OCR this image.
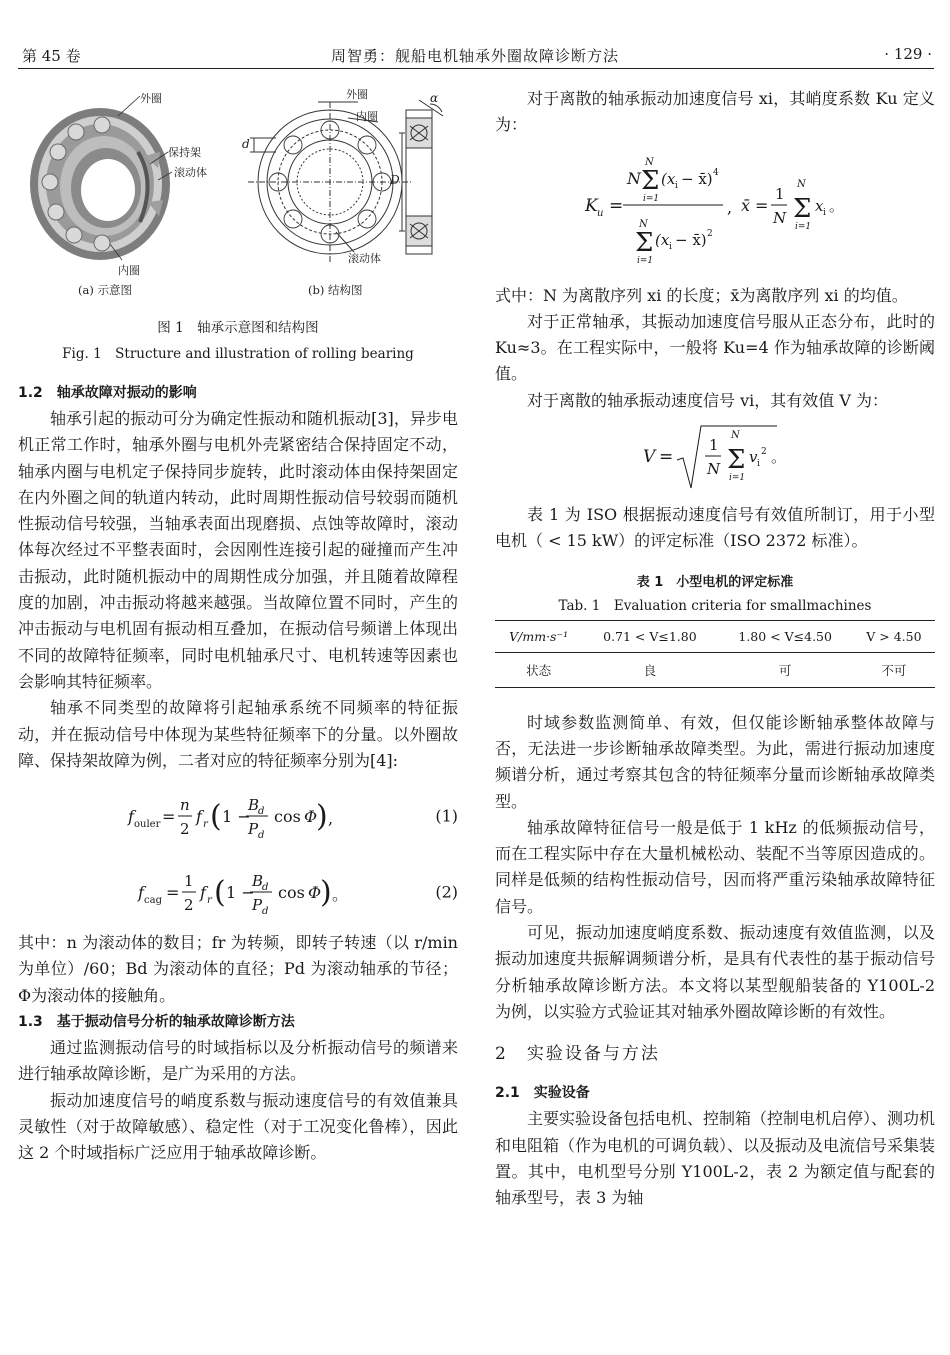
第 45 卷	周智勇：舰船电机轴承外圈故障诊断方法	· 129 ·
外圈
保持架
滚动体
内圈
(a) 示意图
外圈
内圈
滚动体
d
D
α
(b) 结构图
图 1　轴承示意图和结构图
Fig. 1　Structure and illustration of rolling bearing
1.2　轴承故障对振动的影响

轴承引起的振动可分为确定性振动和随机振动[3]，异步电机正常工作时，轴承外圈与电机外壳紧密结合保持固定不动，轴承内圈与电机定子保持同步旋转，此时滚动体由保持架固定在内外圈之间的轨道内转动，此时周期性振动信号较弱而随机性振动信号较强，当轴承表面出现磨损、点蚀等故障时，滚动体每次经过不平整表面时，会因刚性连接引起的碰撞而产生冲击振动，此时随机振动中的周期性成分加强，并且随着故障程度的加剧，冲击振动将越来越强。当故障位置不同时，产生的冲击振动与电机固有振动相互叠加，在振动信号频谱上体现出不同的故障特征频率，同时电机轴承尺寸、电机转速等因素也会影响其特征频率。

轴承不同类型的故障将引起轴承系统不同频率的特征振动，并在振动信号中体现为某些特征频率下的分量。以外圈故障、保持架故障为例，二者对应的特征频率分别为[4]:

f ouler =
n
2
f r ( 1 −
B
d
P d
cos Φ
) ,	(1)
f cag =
1
2
f r ( 1 −
B
d
P d
cos Φ
) 。	(2)

其中：n 为滚动体的数目；fr 为转频，即转子转速（以 r/min 为单位）/60；Bd 为滚动体的直径；Pd 为滚动轴承的节径；Φ为滚动体的接触角。

1.3　基于振动信号分析的轴承故障诊断方法

通过监测振动信号的时域指标以及分析振动信号的频谱来进行轴承故障诊断，是广为采用的方法。

振动加速度信号的峭度系数与振动速度信号的有效值兼具灵敏性（对于故障敏感）、稳定性（对于工况变化鲁棒），因此这 2 个时域指标广泛应用于轴承故障诊断。

对于离散的轴承振动加速度信号 xi，其峭度系数 Ku 定义为：

K u =
N
N
Σ
i=1
(x i − x̄) 4
N
Σ
i=1
(x i − x̄) 2
, x̄ =
1
N
N
Σ
i=1
x i 。

式中：N 为离散序列 xi 的长度；x̄为离散序列 xi 的均值。

对于正常轴承，其振动加速度信号服从正态分布，此时的 Ku≈3。在工程实际中，一般将 Ku=4 作为轴承故障的诊断阈值。

对于离散的轴承振动速度信号 vi，其有效值 V 为：

V =
1
N
N
Σ
i=1
v i
2 。

表 1 为 ISO 根据振动速度信号有效值所制订，用于小型电机（ < 15 kW）的评定标准（ISO 2372 标准）。

表 1　小型电机的评定标准
Tab. 1　Evaluation criteria for smallmachines
V/mm·s⁻¹	0.71 < V≤1.80	1.80 < V≤4.50	V > 4.50
状态	良	可	不可

时域参数监测简单、有效，但仅能诊断轴承整体故障与否，无法进一步诊断轴承故障类型。为此，需进行振动加速度频谱分析，通过考察其包含的特征频率分量而诊断轴承故障类型。

轴承故障特征信号一般是低于 1 kHz 的低频振动信号，而在工程实际中存在大量机械松动、装配不当等原因造成的。同样是低频的结构性振动信号，因而将严重污染轴承故障特征信号。

可见，振动加速度峭度系数、振动速度有效值监测，以及振动加速度共振解调频谱分析，是具有代表性的基于振动信号分析轴承故障诊断方法。本文将以某型舰船装备的 Y100L-2 为例，以实验方式验证其对轴承外圈故障诊断的有效性。

2　实验设备与方法
2.1　实验设备

主要实验设备包括电机、控制箱（控制电机启停）、测功机和电阻箱（作为电机的可调负载）、以及振动及电流信号采集装置。其中，电机型号分别 Y100L-2，表 2 为额定值与配套的轴承型号，表 3 为轴
